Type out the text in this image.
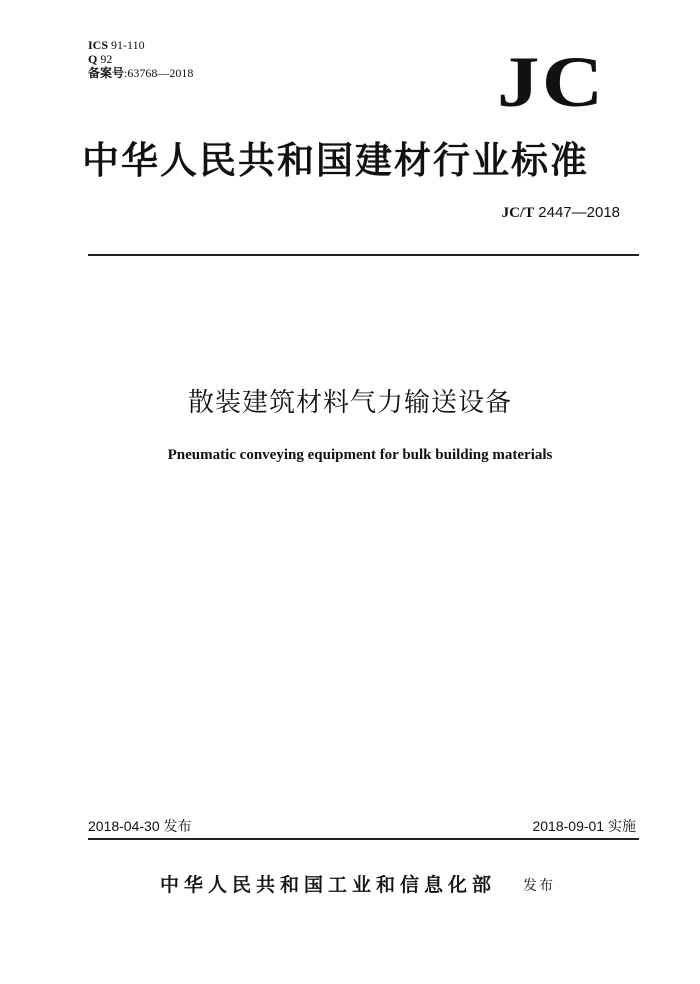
ICS 91-110
Q 92
备案号:63768—2018	JC
中华人民共和国建材行业标准
JC/T 2447—2018
散装建筑材料气力输送设备
Pneumatic conveying equipment for bulk building materials
2018-04-30 发布	2018-09-01 实施
中华人民共和国工业和信息化部 发布
